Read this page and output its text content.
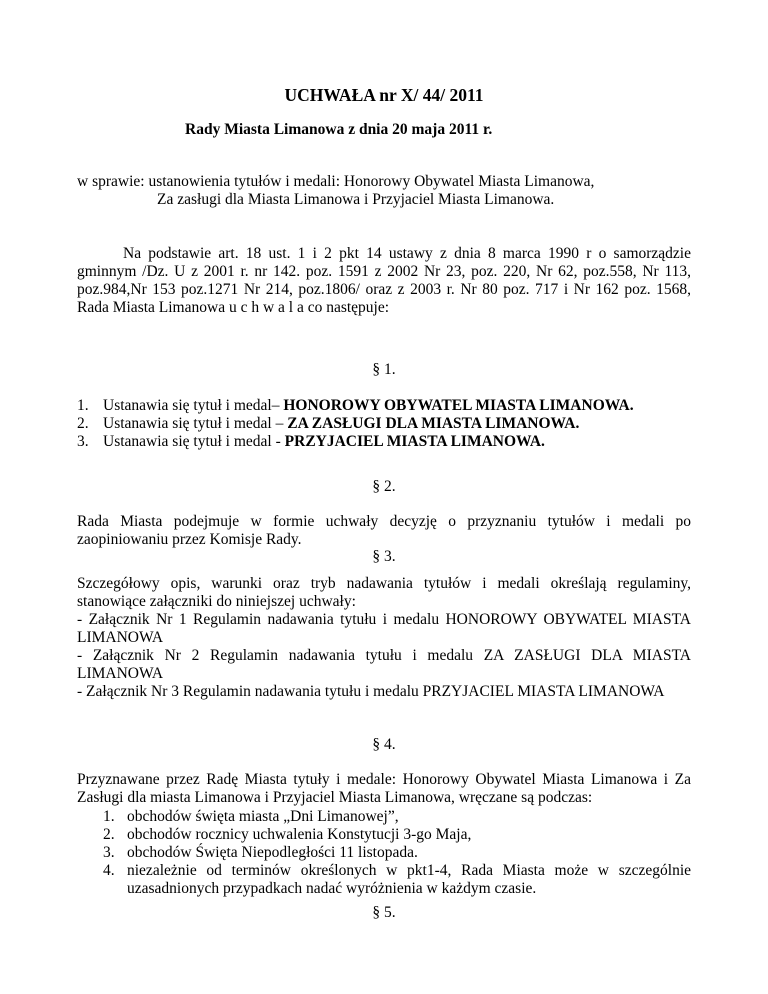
UCHWAŁA nr X/ 44/ 2011
Rady Miasta Limanowa z dnia 20 maja 2011 r.
w sprawie: ustanowienia tytułów i medali: Honorowy Obywatel Miasta Limanowa,
Za zasługi dla Miasta Limanowa i Przyjaciel Miasta Limanowa.
Na podstawie art. 18 ust. 1 i 2 pkt 14 ustawy z dnia 8 marca 1990 r o samorządzie gminnym /Dz. U z 2001 r. nr 142. poz. 1591 z 2002 Nr 23, poz. 220, Nr 62, poz.558, Nr 113, poz.984,Nr 153 poz.1271 Nr 214, poz.1806/ oraz z 2003 r. Nr 80 poz. 717 i Nr 162 poz. 1568, Rada Miasta Limanowa u c h w a l a co następuje:
§ 1.
1. Ustanawia się tytuł i medal– HONOROWY OBYWATEL MIASTA LIMANOWA.
2. Ustanawia się tytuł i medal – ZA ZASŁUGI DLA MIASTA LIMANOWA.
3. Ustanawia się tytuł i medal - PRZYJACIEL MIASTA LIMANOWA.
§ 2.
Rada Miasta podejmuje w formie uchwały decyzję o przyznaniu tytułów i medali po zaopiniowaniu przez Komisje Rady.
§ 3.
Szczegółowy opis, warunki oraz tryb nadawania tytułów i medali określają regulaminy, stanowiące załączniki do niniejszej uchwały:
- Załącznik Nr 1 Regulamin nadawania tytułu i medalu HONOROWY OBYWATEL MIASTA LIMANOWA
- Załącznik Nr 2 Regulamin nadawania tytułu i medalu ZA ZASŁUGI DLA MIASTA LIMANOWA
- Załącznik Nr 3 Regulamin nadawania tytułu i medalu PRZYJACIEL MIASTA LIMANOWA
§ 4.
Przyznawane przez Radę Miasta tytuły i medale: Honorowy Obywatel Miasta Limanowa i Za Zasługi dla miasta Limanowa i Przyjaciel Miasta Limanowa, wręczane są podczas:
1. obchodów święta miasta „Dni Limanowej”,
2. obchodów rocznicy uchwalenia Konstytucji 3-go Maja,
3. obchodów Święta Niepodległości 11 listopada.
4. niezależnie od terminów określonych w pkt1-4, Rada Miasta może w szczególnie uzasadnionych przypadkach nadać wyróżnienia w każdym czasie.
§ 5.
